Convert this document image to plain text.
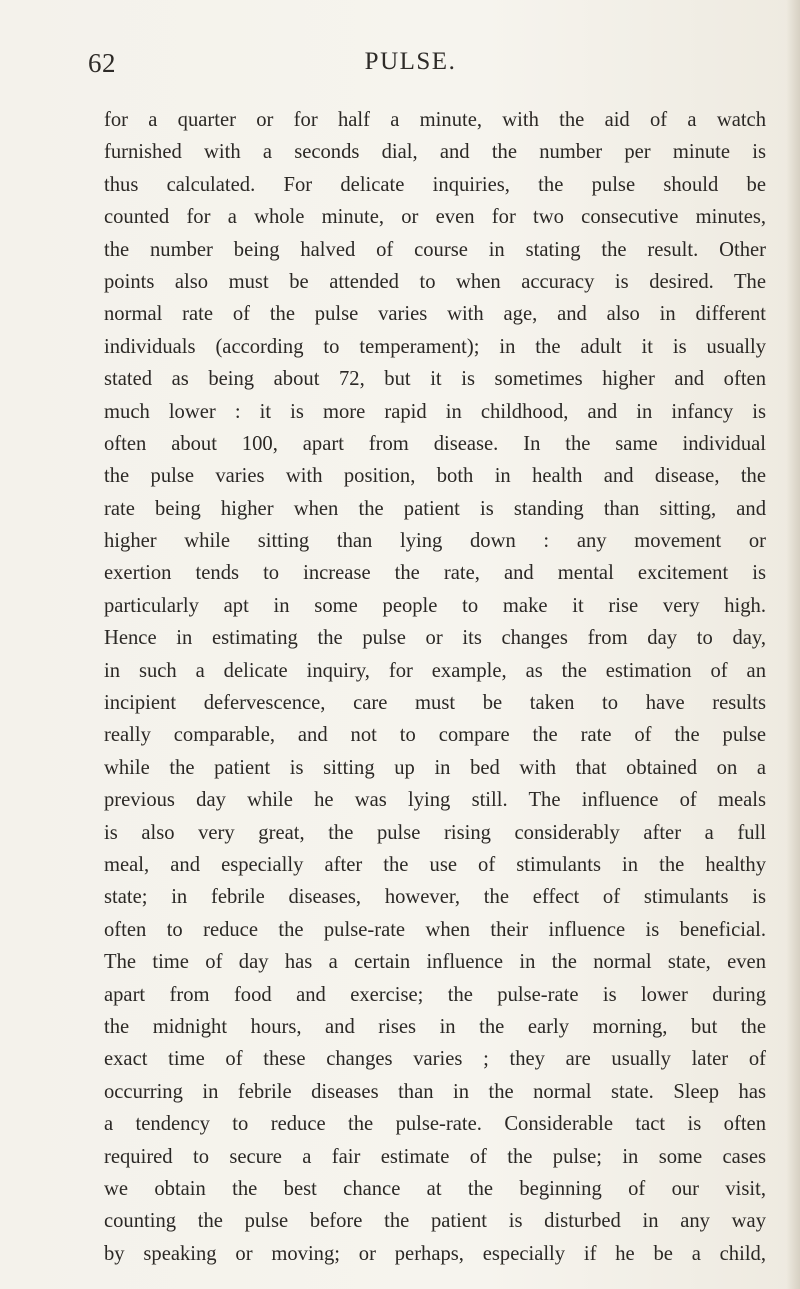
62	PULSE.
for a quarter or for half a minute, with the aid of a watch
furnished with a seconds dial, and the number per minute is
thus calculated. For delicate inquiries, the pulse should be
counted for a whole minute, or even for two consecutive minutes,
the number being halved of course in stating the result. Other
points also must be attended to when accuracy is desired. The
normal rate of the pulse varies with age, and also in different
individuals (according to temperament); in the adult it is usually
stated as being about 72, but it is sometimes higher and often
much lower : it is more rapid in childhood, and in infancy is
often about 100, apart from disease. In the same individual
the pulse varies with position, both in health and disease, the
rate being higher when the patient is standing than sitting, and
higher while sitting than lying down : any movement or
exertion tends to increase the rate, and mental excitement is
particularly apt in some people to make it rise very high.
Hence in estimating the pulse or its changes from day to day,
in such a delicate inquiry, for example, as the estimation of an
incipient defervescence, care must be taken to have results
really comparable, and not to compare the rate of the pulse
while the patient is sitting up in bed with that obtained on a
previous day while he was lying still. The influence of meals
is also very great, the pulse rising considerably after a full
meal, and especially after the use of stimulants in the healthy
state; in febrile diseases, however, the effect of stimulants is
often to reduce the pulse-rate when their influence is beneficial.
The time of day has a certain influence in the normal state, even
apart from food and exercise; the pulse-rate is lower during
the midnight hours, and rises in the early morning, but the
exact time of these changes varies ; they are usually later of
occurring in febrile diseases than in the normal state. Sleep has
a tendency to reduce the pulse-rate. Considerable tact is often
required to secure a fair estimate of the pulse; in some cases
we obtain the best chance at the beginning of our visit,
counting the pulse before the patient is disturbed in any way
by speaking or moving; or perhaps, especially if he be a child,
